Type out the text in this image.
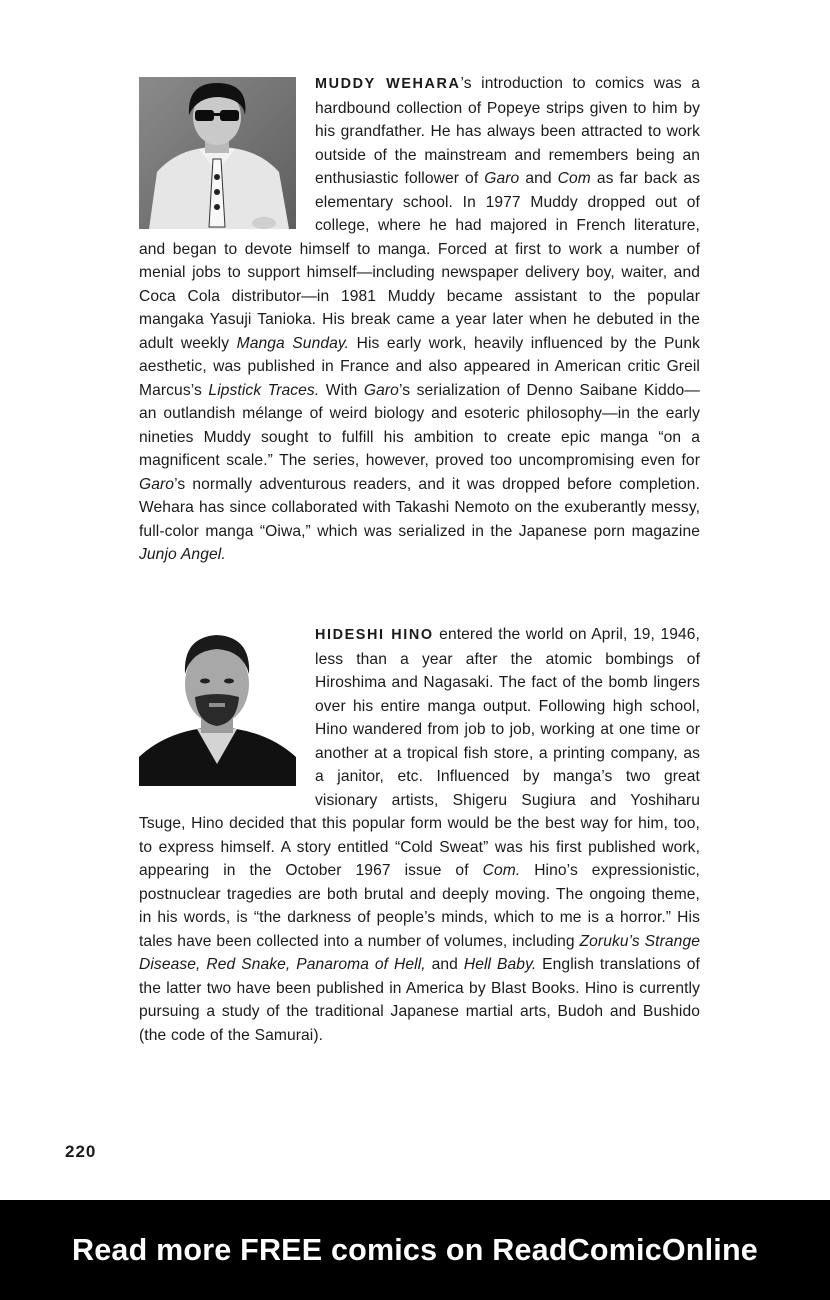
MUDDY WEHARA’s introduction to comics was a hardbound collection of Popeye strips given to him by his grandfather. He has always been attracted to work outside of the mainstream and remembers being an enthusiastic follower of Garo and Com as far back as elementary school. In 1977 Muddy dropped out of college, where he had majored in French literature, and began to devote himself to manga. Forced at first to work a number of menial jobs to support himself—including newspaper delivery boy, waiter, and Coca Cola distributor—in 1981 Muddy became assistant to the popular mangaka Yasuji Tanioka. His break came a year later when he debuted in the adult weekly Manga Sunday. His early work, heavily influenced by the Punk aesthetic, was published in France and also appeared in American critic Greil Marcus’s Lipstick Traces. With Garo’s serialization of Denno Saibane Kiddo—an outlandish mélange of weird biology and esoteric philosophy—in the early nineties Muddy sought to fulfill his ambition to create epic manga “on a magnificent scale.” The series, however, proved too uncompromising even for Garo’s normally adventurous readers, and it was dropped before completion. Wehara has since collaborated with Takashi Nemoto on the exuberantly messy, full-color manga “Oiwa,” which was serialized in the Japanese porn magazine Junjo Angel.

HIDESHI HINO entered the world on April, 19, 1946, less than a year after the atomic bombings of Hiroshima and Nagasaki. The fact of the bomb lingers over his entire manga output. Following high school, Hino wandered from job to job, working at one time or another at a tropical fish store, a printing company, as a janitor, etc. Influenced by manga’s two great visionary artists, Shigeru Sugiura and Yoshiharu Tsuge, Hino decided that this popular form would be the best way for him, too, to express himself. A story entitled “Cold Sweat” was his first published work, appearing in the October 1967 issue of Com. Hino’s expressionistic, postnuclear tragedies are both brutal and deeply moving. The ongoing theme, in his words, is “the darkness of people’s minds, which to me is a horror.” His tales have been collected into a number of volumes, including Zoruku’s Strange Disease, Red Snake, Panaroma of Hell, and Hell Baby. English translations of the latter two have been published in America by Blast Books. Hino is currently pursuing a study of the traditional Japanese martial arts, Budoh and Bushido (the code of the Samurai).

220
Read more FREE comics on ReadComicOnline
